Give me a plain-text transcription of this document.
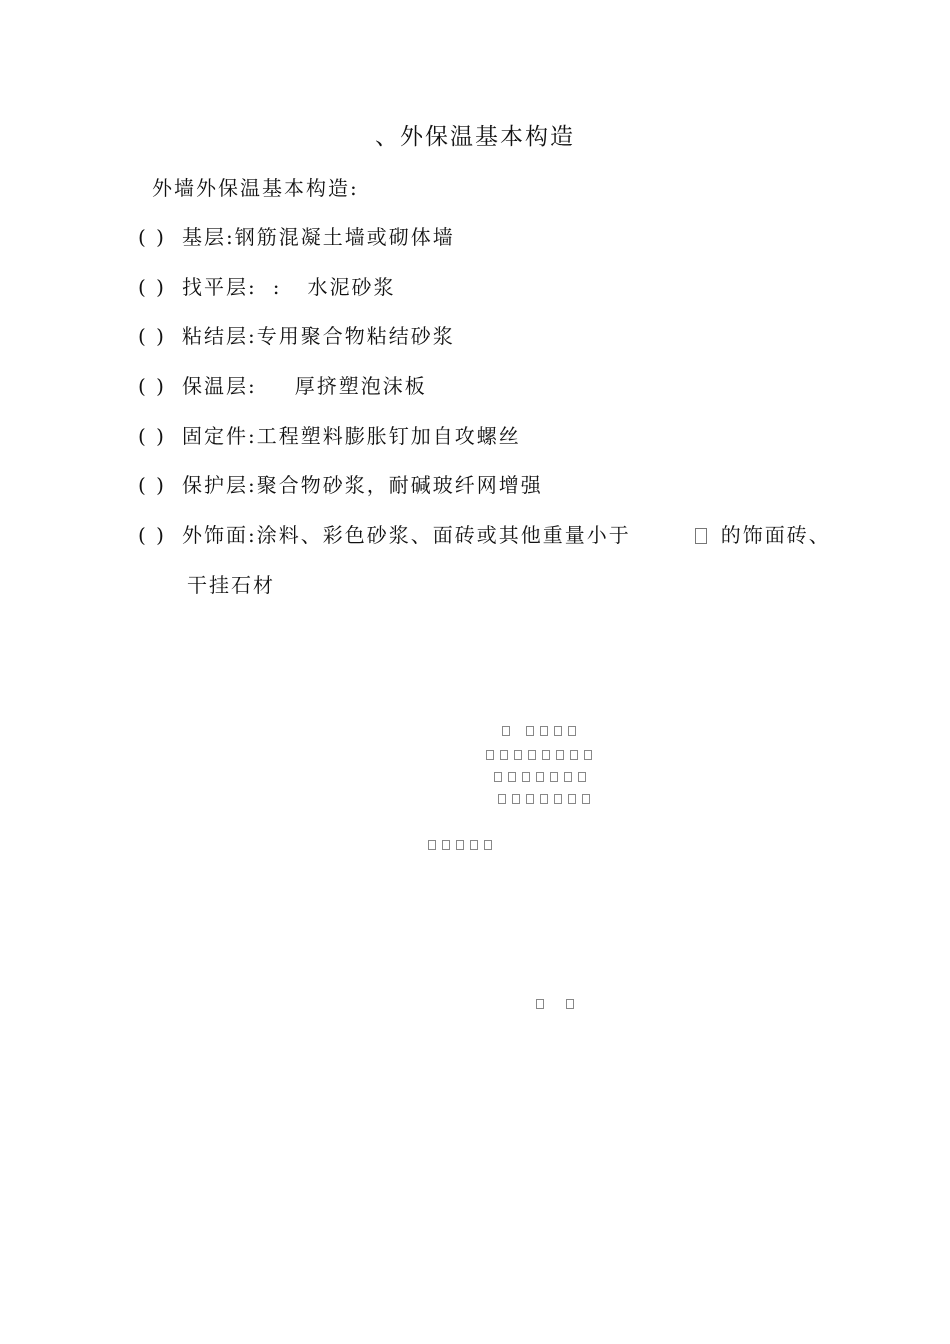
、外保温基本构造
外墙外保温基本构造:
( ) 基层:钢筋混凝土墙或砌体墙
( ) 找平层: : 水泥砂浆
( ) 粘结层:专用聚合物粘结砂浆
( ) 保温层: 厚挤塑泡沫板
( ) 固定件:工程塑料膨胀钉加自攻螺丝
( ) 保护层:聚合物砂浆，耐碱玻纤网增强
( ) 外饰面:涂料、彩色砂浆、面砖或其他重量小于	的饰面砖、
干挂石材
